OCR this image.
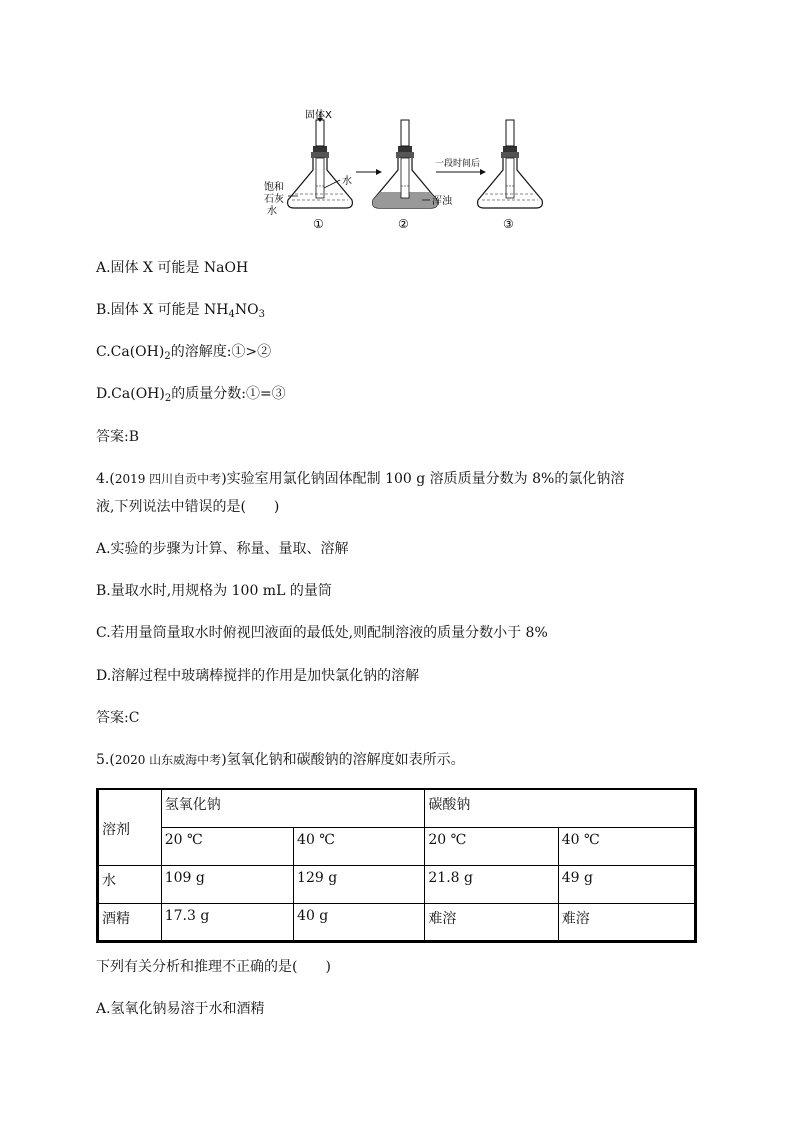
固体X
水
饱和
石灰
水
浑浊
一段时间后
①	②	③
A.固体 X 可能是 NaOH
B.固体 X 可能是 $NH_4NO_3$
$C.Ca(OH)_2$的溶解度:①>②
$D.Ca(OH)_2$的质量分数:①=③
答案:B
4.(2019 四川自贡中考)实验室用氯化钠固体配制 100 g 溶质质量分数为 8%的氯化钠溶
液,下列说法中错误的是(　　)
A.实验的步骤为计算、称量、量取、溶解
B.量取水时,用规格为 100 mL 的量筒
C.若用量筒量取水时俯视凹液面的最低处,则配制溶液的质量分数小于 8%
D.溶解过程中玻璃棒搅拌的作用是加快氯化钠的溶解
答案:C
5.(2020 山东威海中考)氢氧化钠和碳酸钠的溶解度如表所示。
溶剂	氢氧化钠		碳酸钠	
	20 ℃	40 ℃	20 ℃	40 ℃
水	109 g	129 g	21.8 g	49 g
酒精	17.3 g	40 g	难溶	难溶
下列有关分析和推理不正确的是(　　)
A.氢氧化钠易溶于水和酒精
